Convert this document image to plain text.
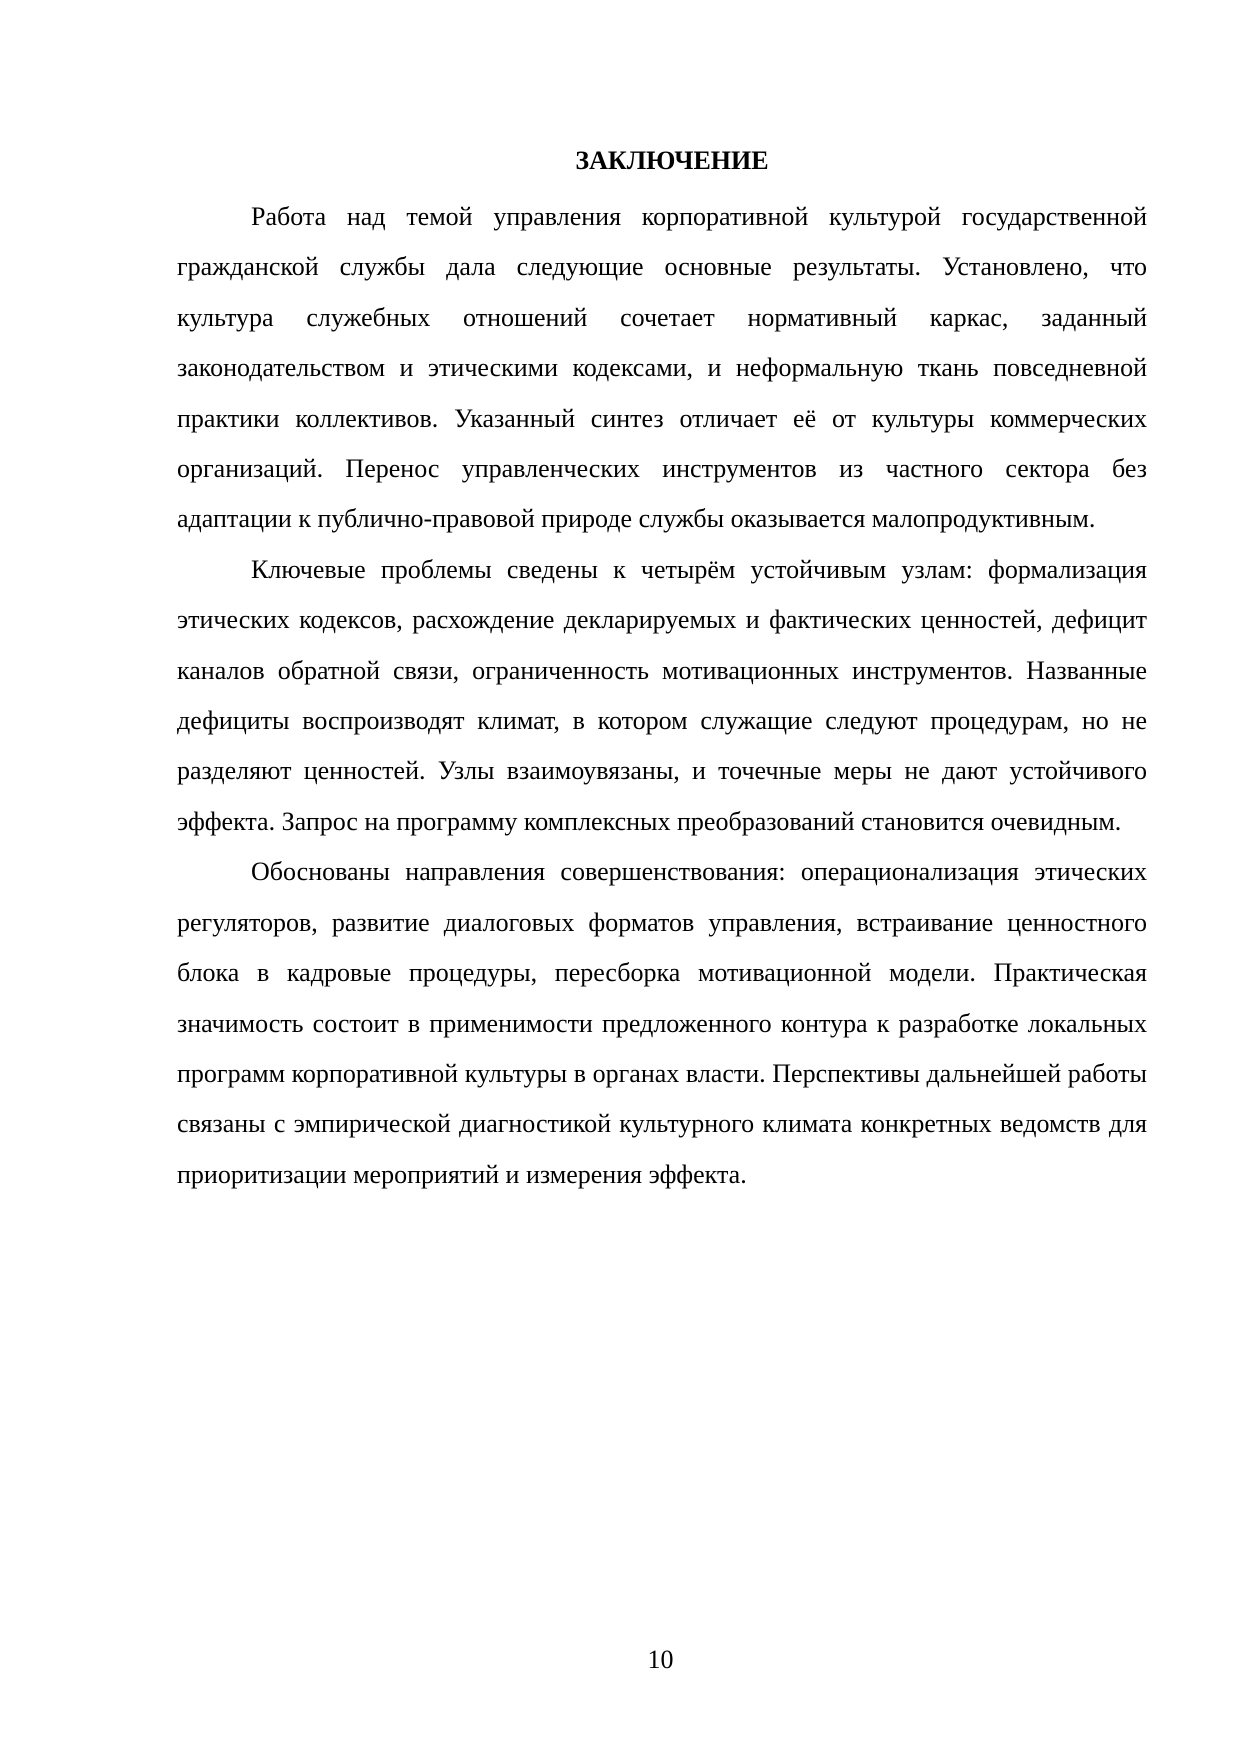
ЗАКЛЮЧЕНИЕ

Работа над темой управления корпоративной культурой государственной гражданской службы дала следующие основные результаты. Установлено, что культура служебных отношений сочетает нормативный каркас, заданный законодательством и этическими кодексами, и неформальную ткань повседневной практики коллективов. Указанный синтез отличает её от культуры коммерческих организаций. Перенос управленческих инструментов из частного сектора без адаптации к публично-правовой природе службы оказывается малопродуктивным.

Ключевые проблемы сведены к четырём устойчивым узлам: формализация этических кодексов, расхождение декларируемых и фактических ценностей, дефицит каналов обратной связи, ограниченность мотивационных инструментов. Названные дефициты воспроизводят климат, в котором служащие следуют процедурам, но не разделяют ценностей. Узлы взаимоувязаны, и точечные меры не дают устойчивого эффекта. Запрос на программу комплексных преобразований становится очевидным.

Обоснованы направления совершенствования: операционализация этических регуляторов, развитие диалоговых форматов управления, встраивание ценностного блока в кадровые процедуры, пересборка мотивационной модели. Практическая значимость состоит в применимости предложенного контура к разработке локальных программ корпоративной культуры в органах власти. Перспективы дальнейшей работы связаны с эмпирической диагностикой культурного климата конкретных ведомств для приоритизации мероприятий и измерения эффекта.

10
